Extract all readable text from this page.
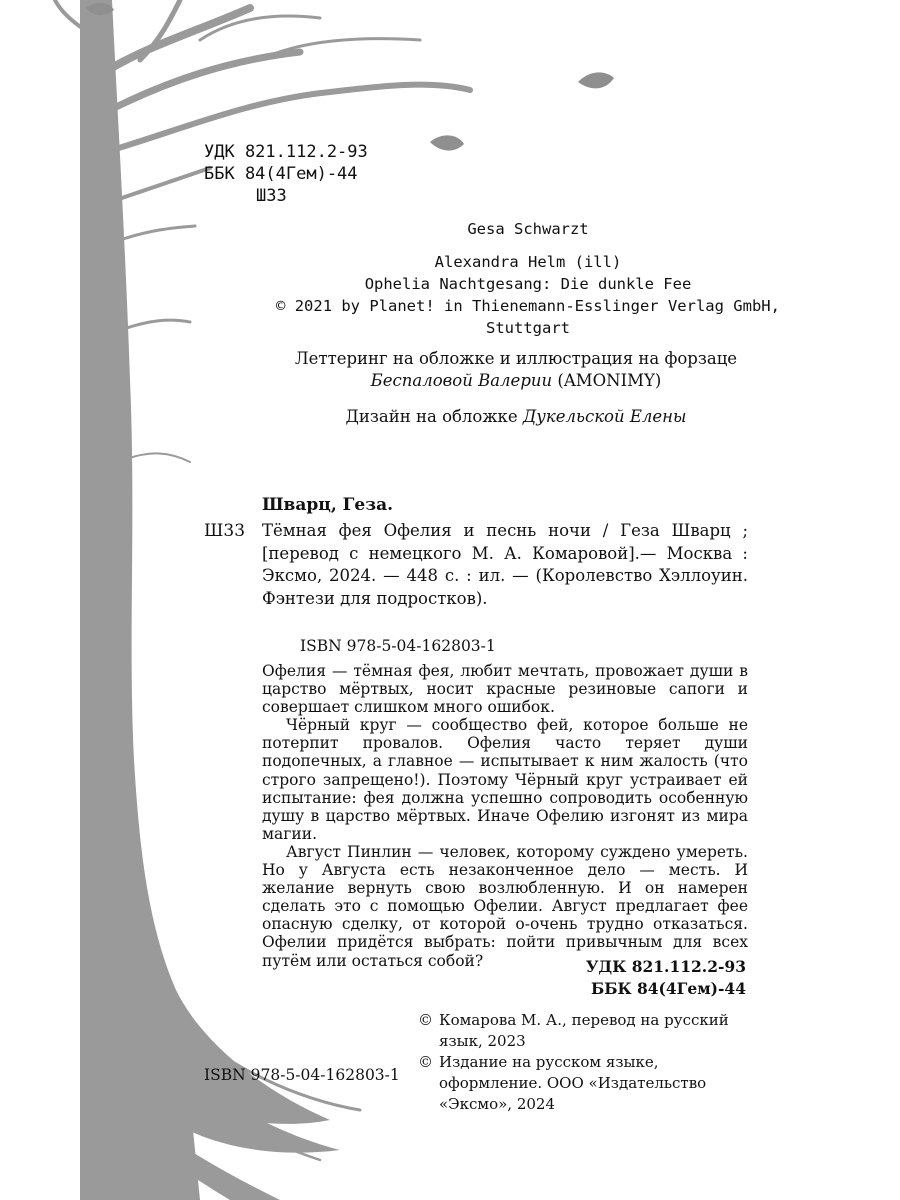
УДК 821.112.2-93
ББК 84(4Гем)-44
Ш33
Gesa Schwarzt
Alexandra Helm (ill)
Ophelia Nachtgesang: Die dunkle Fee
© 2021 by Planet! in Thienemann-Esslinger Verlag GmbH,
Stuttgart
Леттеринг на обложке и иллюстрация на форзаце
Беспаловой Валерии (AMONIMY)
Дизайн на обложке Дукельской Елены
Шварц, Геза.
Ш33 Тёмная фея Офелия и песнь ночи / Геза Шварц ; [перевод с немецкого М. А. Комаровой].— Москва : Эксмо, 2024. — 448 с. : ил. — (Королевство Хэллоуин. Фэнтези для подростков).
ISBN 978-5-04-162803-1

Офелия — тёмная фея, любит мечтать, провожает души в царство мёртвых, носит красные резиновые сапоги и совершает слишком много ошибок.

Чёрный круг — сообщество фей, которое больше не потерпит провалов. Офелия часто теряет души подопечных, а главное — испытывает к ним жалость (что строго запрещено!). Поэтому Чёрный круг устраивает ей испытание: фея должна успешно сопроводить особенную душу в царство мёртвых. Иначе Офелию изгонят из мира магии.

Август Пинлин — человек, которому суждено умереть. Но у Августа есть незаконченное дело — месть. И желание вернуть свою возлюбленную. И он намерен сделать это с помощью Офелии. Август предлагает фее опасную сделку, от которой о-очень трудно отказаться. Офелии придётся выбрать: пойти привычным для всех путём или остаться собой?	УДК 821.112.2-93
ББК 84(4Гем)-44
© Комарова М. А., перевод на русский язык, 2023
© Издание на русском языке, оформление. ООО «Издательство «Эксмо», 2024
ISBN 978-5-04-162803-1
